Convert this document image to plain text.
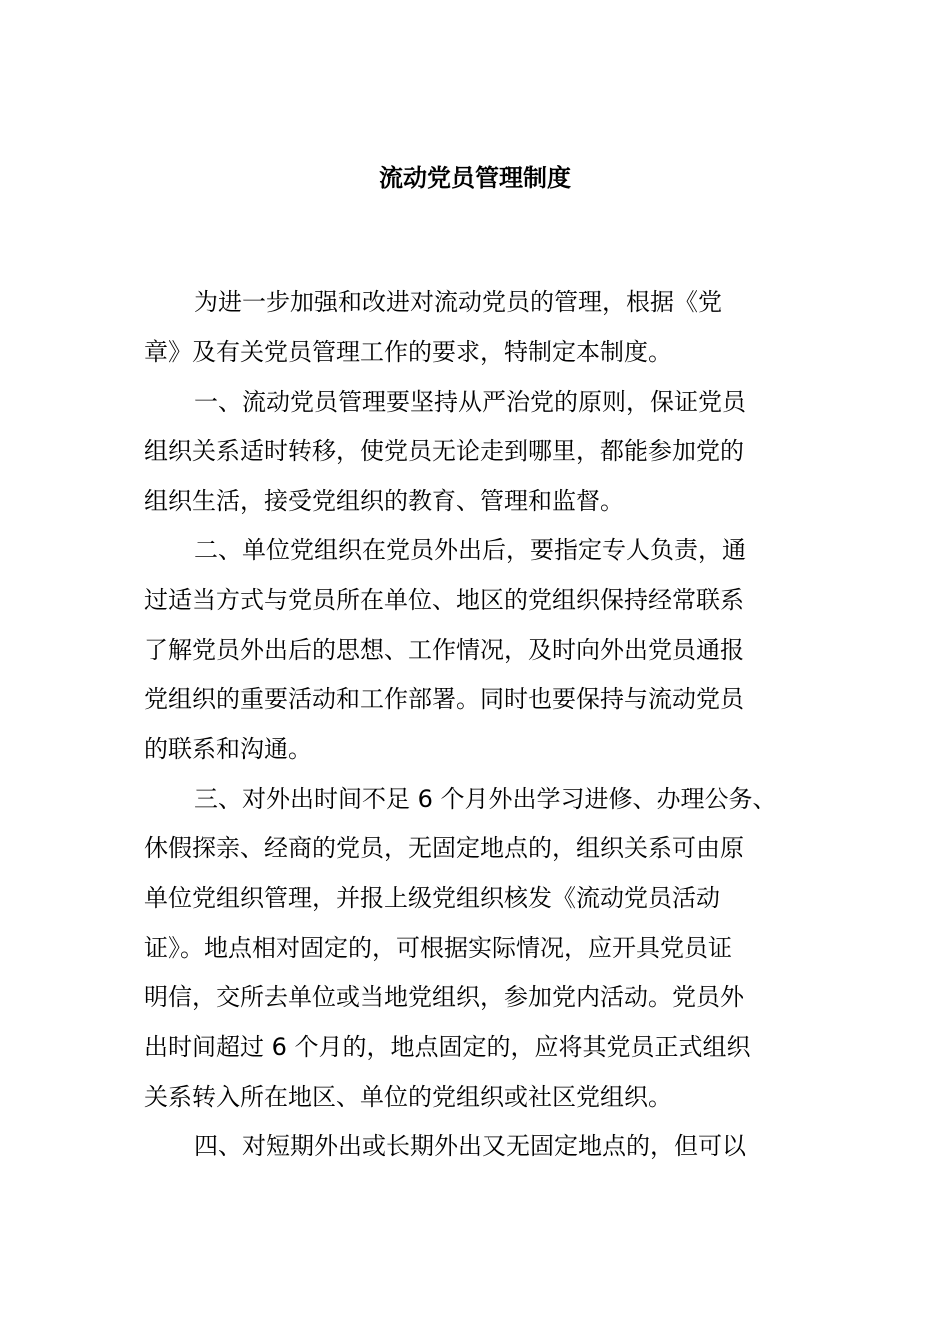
流动党员管理制度
为进一步加强和改进对流动党员的管理，根据《党
章》及有关党员管理工作的要求，特制定本制度。
一、流动党员管理要坚持从严治党的原则，保证党员
组织关系适时转移，使党员无论走到哪里，都能参加党的
组织生活，接受党组织的教育、管理和监督。
二、单位党组织在党员外出后，要指定专人负责，通
过适当方式与党员所在单位、地区的党组织保持经常联系
了解党员外出后的思想、工作情况，及时向外出党员通报
党组织的重要活动和工作部署。同时也要保持与流动党员
的联系和沟通。
三、对外出时间不足 6 个月外出学习进修、办理公务、
休假探亲、经商的党员，无固定地点的，组织关系可由原
单位党组织管理，并报上级党组织核发《流动党员活动
证》。地点相对固定的，可根据实际情况，应开具党员证
明信，交所去单位或当地党组织，参加党内活动。党员外
出时间超过 6 个月的，地点固定的，应将其党员正式组织
关系转入所在地区、单位的党组织或社区党组织。
四、对短期外出或长期外出又无固定地点的，但可以
